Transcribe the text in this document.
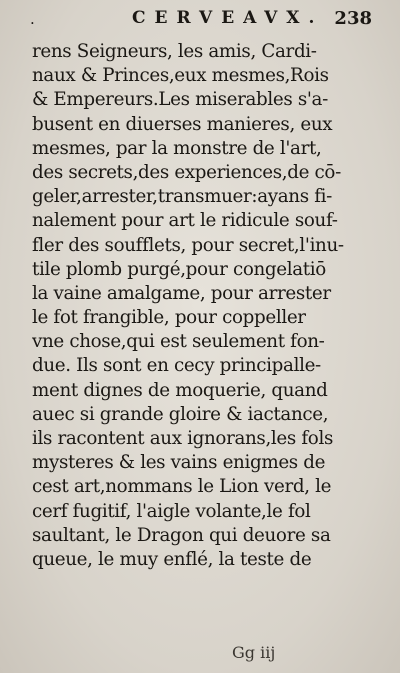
.	CERVEAVX. 238
rens Seigneurs, les amis, Cardi-
naux & Princes,eux mesmes,Rois
& Empereurs.Les miserables s'a-
busent en diuerses manieres, eux
mesmes, par la monstre de l'art,
des secrets,des experiences,de cō-
geler,arrester,transmuer:ayans fi-
nalement pour art le ridicule souf-
fler des soufflets, pour secret,l'inu-
tile plomb purgé,pour congelatiō
la vaine amalgame, pour arrester
le fot frangible, pour coppeller
vne chose,qui est seulement fon-
due. Ils sont en cecy principalle-
ment dignes de moquerie, quand
auec si grande gloire & iactance,
ils racontent aux ignorans,les fols
mysteres & les vains enigmes de
cest art,nommans le Lion verd, le
cerf fugitif, l'aigle volante,le fol
saultant, le Dragon qui deuore sa
queue, le muy enflé, la teste de
Gg iij
